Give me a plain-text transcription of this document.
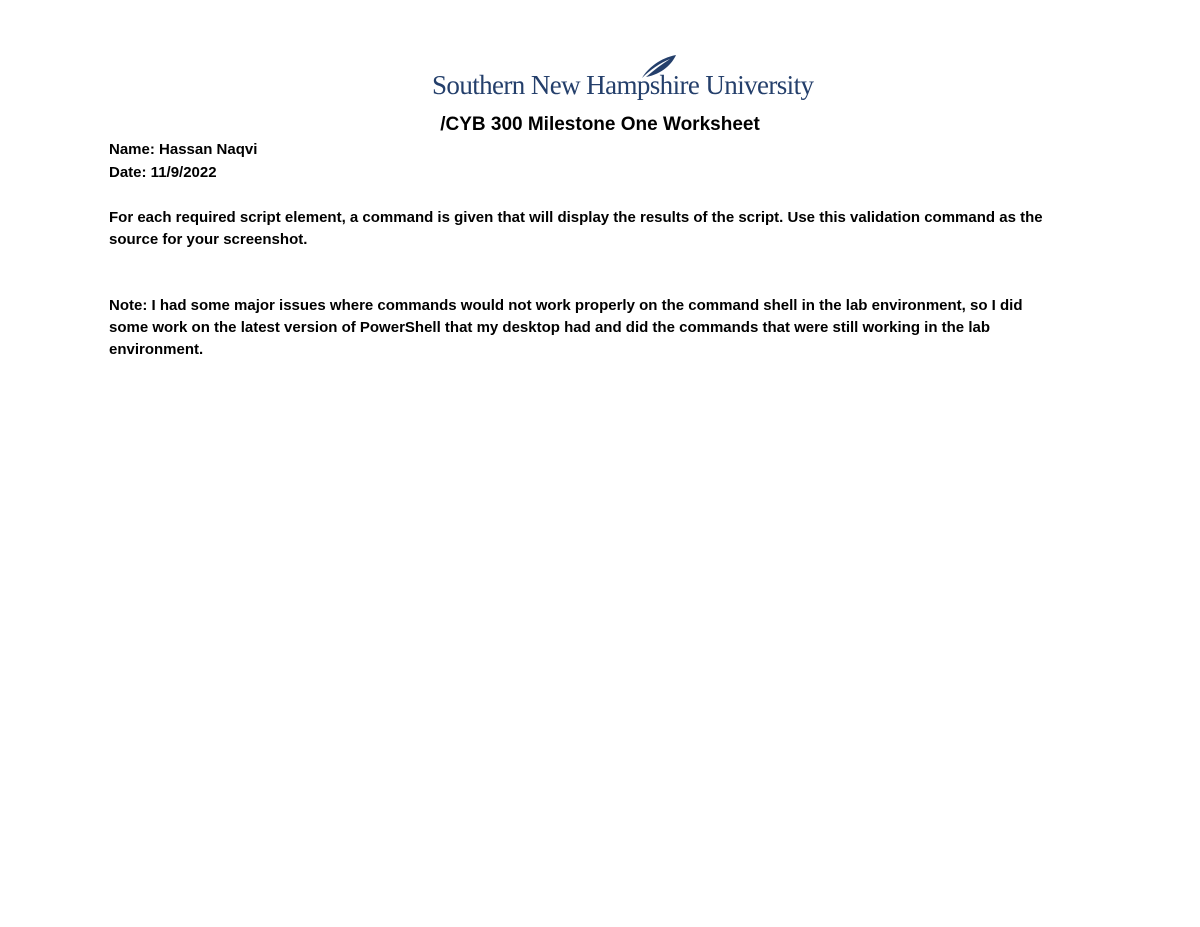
Southern New Hampshire University
/CYB 300 Milestone One Worksheet
Name: Hassan Naqvi
Date: 11/9/2022
For each required script element, a command is given that will display the results of the script. Use this validation command as the
source for your screenshot.
Note: I had some major issues where commands would not work properly on the command shell in the lab environment, so I did
some work on the latest version of PowerShell that my desktop had and did the commands that were still working in the lab
environment.
